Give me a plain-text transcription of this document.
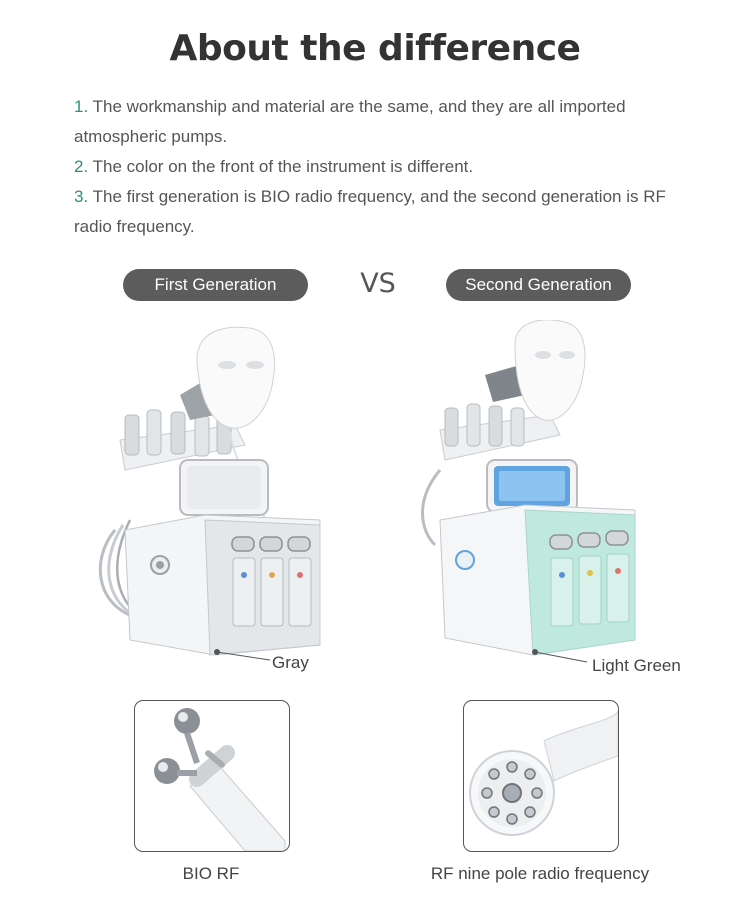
About the difference

1. The workmanship and material are the same, and they are all imported atmospheric pumps.

2. The color on the front of the instrument is different.

3. The first generation is BIO radio frequency, and the second generation is RF radio frequency.

First Generation	VS	Second Generation
Gray	Light Green
BIO RF	RF nine pole radio frequency
